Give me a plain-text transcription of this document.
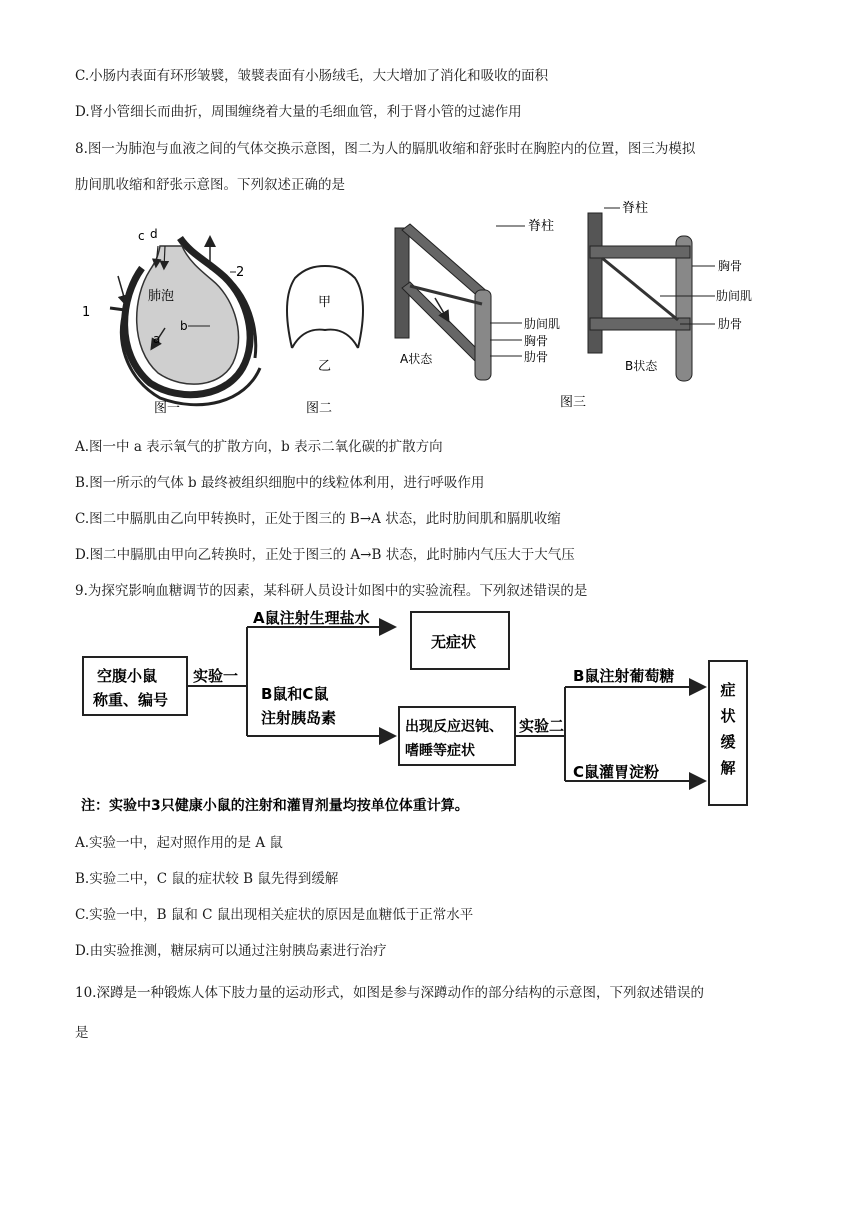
C.小肠内表面有环形皱襞，皱襞表面有小肠绒毛，大大增加了消化和吸收的面积
D.肾小管细长而曲折，周围缠绕着大量的毛细血管，利于肾小管的过滤作用
8.图一为肺泡与血液之间的气体交换示意图，图二为人的膈肌收缩和舒张时在胸腔内的位置，图三为模拟
肋间肌收缩和舒张示意图。下列叙述正确的是
肺泡
c d
b
a
1
2
图一
甲
乙
图二
脊柱
肋间肌
胸骨
肋骨
A状态
脊柱
胸骨
肋间肌
肋骨
B状态
图三
A.图一中 a 表示氧气的扩散方向，b 表示二氧化碳的扩散方向
B.图一所示的气体 b 最终被组织细胞中的线粒体利用，进行呼吸作用
C.图二中膈肌由乙向甲转换时，正处于图三的 B→A 状态，此时肋间肌和膈肌收缩
D.图二中膈肌由甲向乙转换时，正处于图三的 A→B 状态，此时肺内气压大于大气压
9.为探究影响血糖调节的因素，某科研人员设计如图中的实验流程。下列叙述错误的是
空腹小鼠
称重、编号
实验一
A鼠注射生理盐水
B鼠和C鼠
注射胰岛素
无症状
出现反应迟钝、
嗜睡等症状
实验二
B鼠注射葡萄糖
C鼠灌胃淀粉
症
状
缓
解
注：实验中3只健康小鼠的注射和灌胃剂量均按单位体重计算。
A.实验一中，起对照作用的是 A 鼠
B.实验二中，C 鼠的症状较 B 鼠先得到缓解
C.实验一中，B 鼠和 C 鼠出现相关症状的原因是血糖低于正常水平
D.由实验推测，糖尿病可以通过注射胰岛素进行治疗
10.深蹲是一种锻炼人体下肢力量的运动形式，如图是参与深蹲动作的部分结构的示意图，下列叙述错误的
是
